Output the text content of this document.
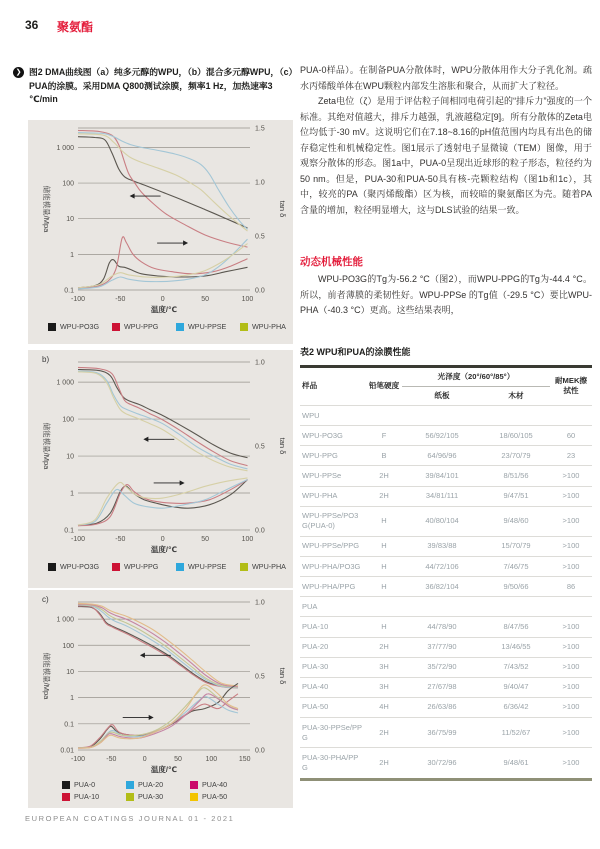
36 聚氨酯
❯ 图2 DMA曲线图（a）纯多元醇的WPU，（b）混合多元醇WPU，（c）PUA的涂膜。采用DMA Q800测试涂膜，频率1 Hz，加热速率3 ℃/min
1 000
100
10
1
0.1
1.5
1.0
0.5
0.0
-100	-50	0	50	100
温度/℃
储能模量/Mpa	tan δ
WPU-PO3G	WPU-PPG	WPU-PPSE	WPU-PHA
b)
1 000
100
10
1
0.1
1.0
0.5
0.0
-100	-50	0	50	100
温度/℃
储能模量/Mpa	tan δ
WPU-PO3G	WPU-PPG	WPU-PPSE	WPU-PHA
c)
1 000
100
10
1
0.1
0.01
1.0
0.5
0.0
-100	-50	0	50	100	150
温度/℃
储能模量/Mpa	tan δ
PUA-0	PUA-20	PUA-40
PUA-10	PUA-30	PUA-50

PUA-0样品）。在制备PUA分散体时，WPU分散体用作大分子乳化剂。疏水丙烯酸单体在WPU颗粒内部发生溶胀和聚合，从而扩大了粒径。

Zeta电位（ζ）是用于评估粒子间相同电荷引起的“排斥力”强度的一个标准。其绝对值越大，排斥力越强，乳液越稳定[9]。所有分散体的Zeta电位均低于-30 mV。这说明它们在7.18~8.16的pH值范围内均具有出色的储存稳定性和机械稳定性。图1展示了透射电子显微镜（TEM）图像，用于观察分散体的形态。图1a中，PUA-0呈现出近球形的粒子形态，粒径约为50 nm。但是，PUA-30和PUA-50具有核-壳颗粒结构（图1b和1c），其中，较亮的PA（聚丙烯酸酯）区为核，而较暗的聚氨酯区为壳。随着PA含量的增加，粒径明显增大，这与DLS试验的结果一致。

动态机械性能

WPU-PO3G的Tg为-56.2 °C（图2），而WPU-PPG的Tg为-44.4 °C。所以，前者薄膜的柔韧性好。WPU-PPSe 的Tg值（-29.5 °C）要比WPU-PHA（-40.3 °C）更高。这些结果表明，

表2 WPU和PUA的涂膜性能
样品	铅笔硬度	光泽度（20°/60°/85°）		耐MEK擦拭性
		纸板	木材	
WPU				
WPU-PO3G	F	56/92/105	18/60/105	60
WPU-PPG	B	64/96/96	23/70/79	23
WPU-PPSe	2H	39/84/101	8/51/56	>100
WPU-PHA	2H	34/81/111	9/47/51	>100
WPU-PPSe/PO3G(PUA-0)	H	40/80/104	9/48/60	>100
WPU-PPSe/PPG	H	39/83/88	15/70/79	>100
WPU-PHA/PO3G	H	44/72/106	7/46/75	>100
WPU-PHA/PPG	H	36/82/104	9/50/66	86
PUA				
PUA-10	H	44/78/90	8/47/56	>100
PUA-20	2H	37/77/90	13/46/55	>100
PUA-30	3H	35/72/90	7/43/52	>100
PUA-40	3H	27/67/98	9/40/47	>100
PUA-50	4H	26/63/86	6/36/42	>100
PUA-30-PPSe/PPG	2H	36/75/99	11/52/67	>100
PUA-30-PHA/PPG	2H	30/72/96	9/48/61	>100
EUROPEAN COATINGS JOURNAL 01 - 2021
